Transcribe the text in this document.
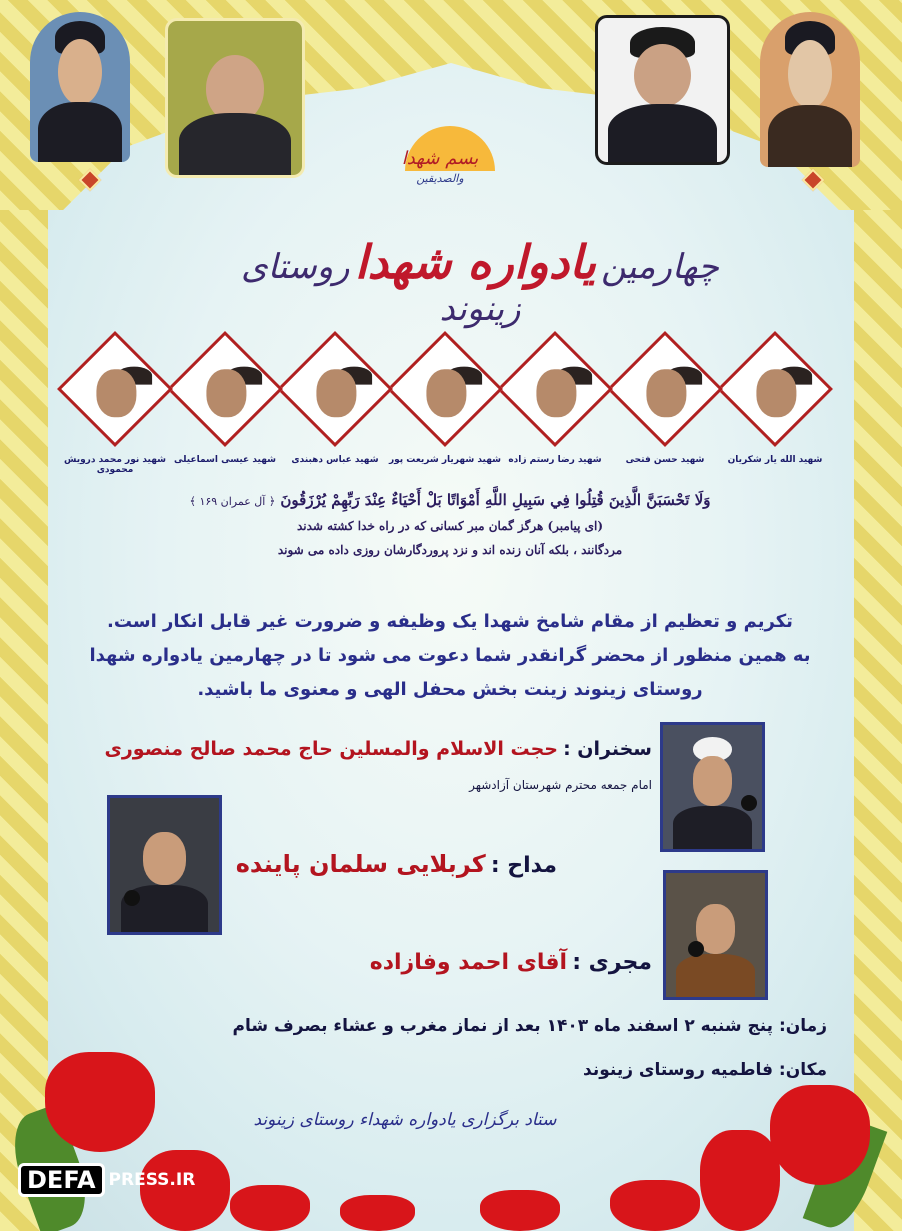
بسم شهدا
والصدیقین
چهارمین یادواره شهدا روستای زینوند
شهید الله یار شکریان
شهید حسن فتحی
شهید رضا رستم زاده
شهید شهریار شریعت پور
شهید عباس دهبندی
شهید عیسی اسماعیلی
شهید نور محمد درویش محمودی
وَلَا تَحْسَبَنَّ الَّذِينَ قُتِلُوا فِي سَبِيلِ اللَّهِ أَمْوَاتًا بَلْ أَحْيَاءٌ عِنْدَ رَبِّهِمْ يُرْزَقُونَ ﴿ آل عمران ۱۶۹ ﴾
(ای پیامبر) هرگز گمان مبر کسانی که در راه خدا کشته شدند
مردگانند ، بلکه آنان زنده اند و نزد پروردگارشان روزی داده می شوند
تکریم و تعظیم از مقام شامخ شهدا یک وظیفه و ضرورت غیر قابل انکار است.
به همین منظور از محضر گرانقدر شما دعوت می شود تا در چهارمین یادواره شهدا
روستای زینوند زینت بخش محفل الهی و معنوی ما باشید.
سخنران : حجت الاسلام والمسلین حاج محمد صالح منصوری
امام جمعه محترم شهرستان آزادشهر
مداح : کربلایی سلمان پاینده
مجری : آقای احمد وفازاده
زمان: پنج شنبه ۲ اسفند ماه ۱۴۰۳ بعد از نماز مغرب و عشاء بصرف شام
مکان: فاطمیه روستای زینوند
ستاد برگزاری یادواره شهداء روستای زینوند
DEFA PRESS.IR
